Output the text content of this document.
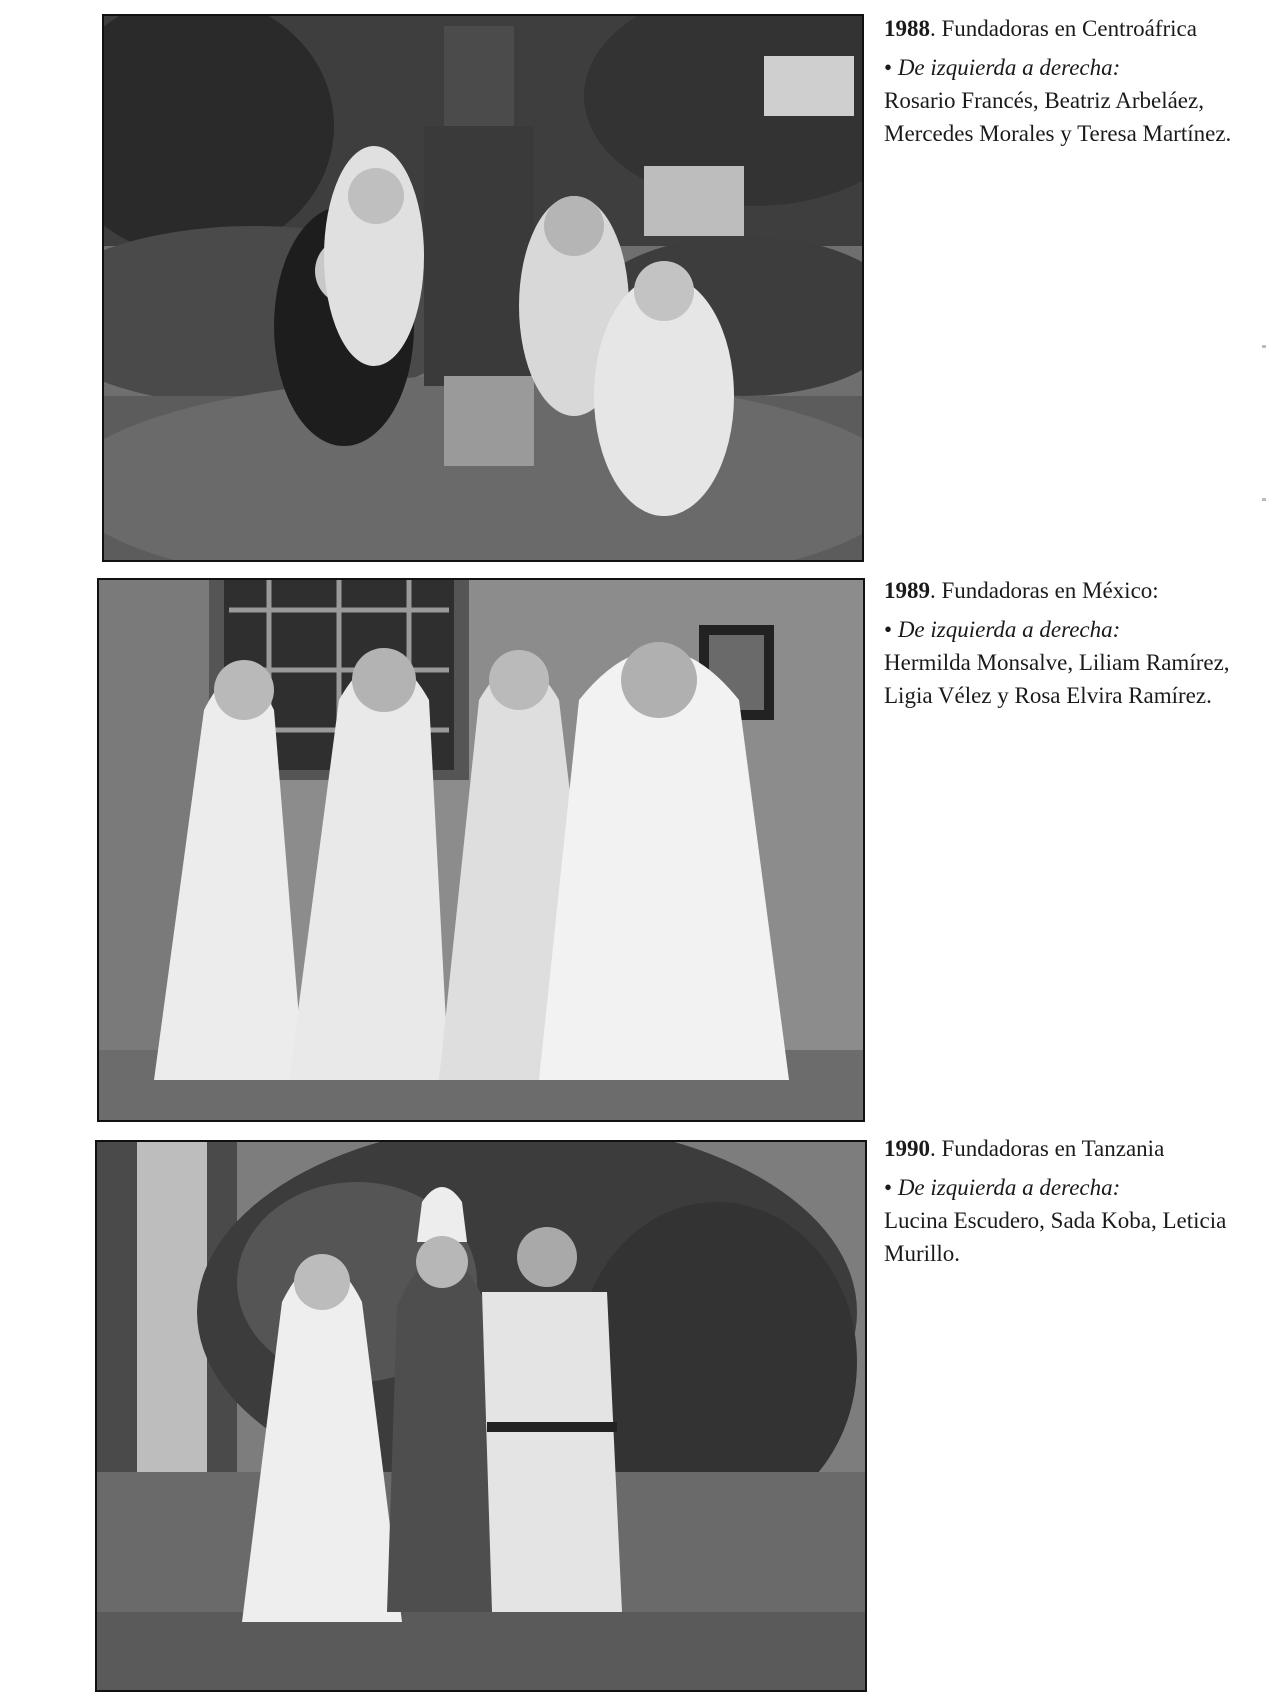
1988. Fundadoras en Centroáfrica

• De izquierda a derecha:

Rosario Francés, Beatriz Arbeláez, Mercedes Morales y Teresa Martínez.

1989. Fundadoras en México:

• De izquierda a derecha:

Hermilda Monsalve, Liliam Ramírez, Ligia Vélez y Rosa Elvira Ramírez.

1990. Fundadoras en Tanzania

• De izquierda a derecha:

Lucina Escudero, Sada Koba, Leticia Murillo.
